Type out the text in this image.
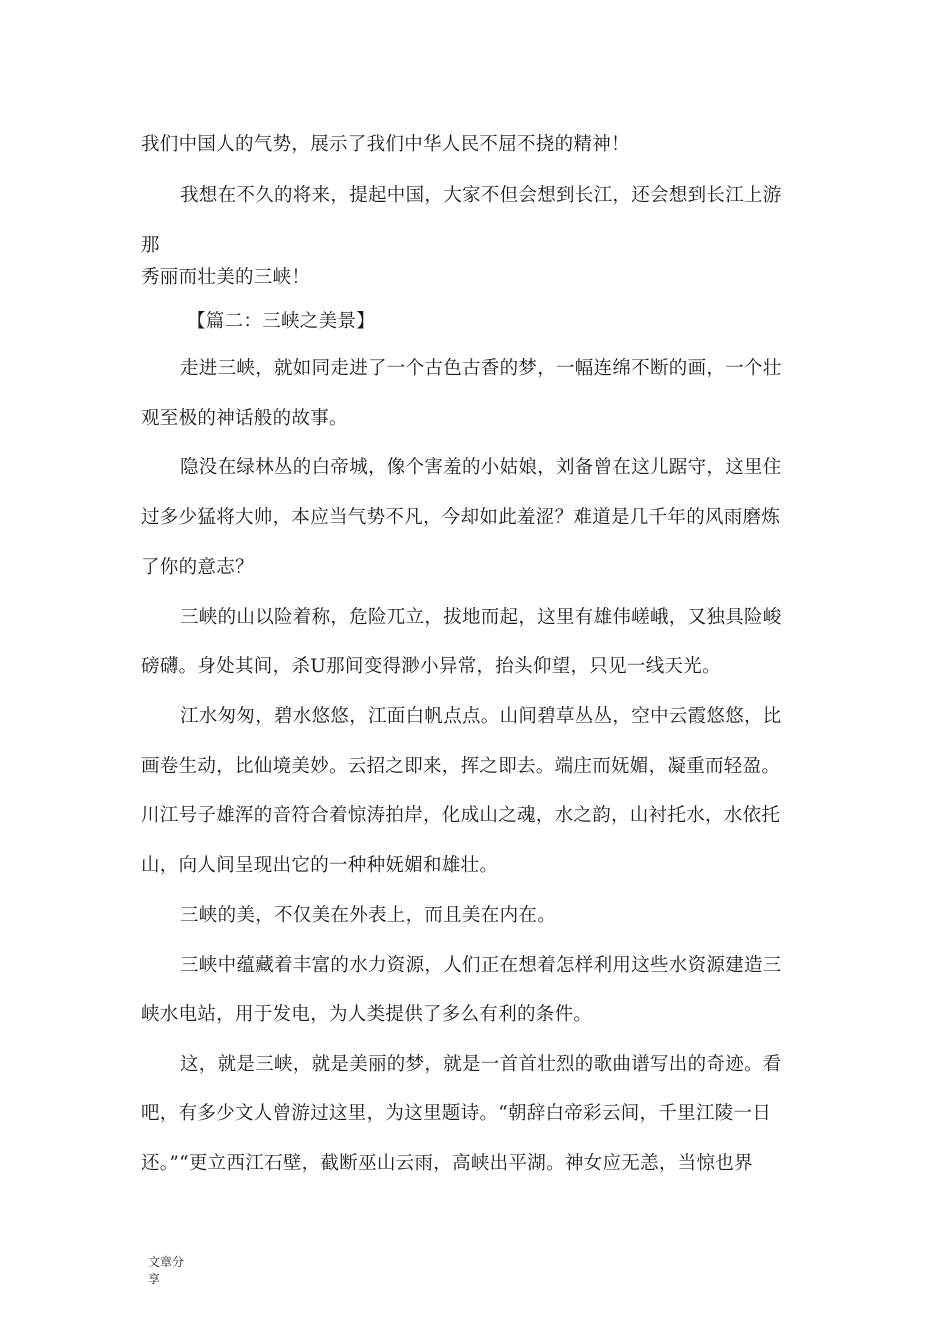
我们中国人的气势，展示了我们中华人民不屈不挠的精神！
我想在不久的将来，提起中国，大家不但会想到长江，还会想到长江上游
那
秀丽而壮美的三峡！
【篇二：三峡之美景】
走进三峡，就如同走进了一个古色古香的梦，一幅连绵不断的画，一个壮
观至极的神话般的故事。
隐没在绿林丛的白帝城，像个害羞的小姑娘，刘备曾在这儿踞守，这里住
过多少猛将大帅，本应当气势不凡，今却如此羞涩？难道是几千年的风雨磨炼
了你的意志？
三峡的山以险着称，危险兀立，拔地而起，这里有雄伟嵯峨，又独具险峻
磅礴。身处其间，杀U那间变得渺小异常，抬头仰望，只见一线天光。
江水匆匆，碧水悠悠，江面白帆点点。山间碧草丛丛，空中云霞悠悠，比
画卷生动，比仙境美妙。云招之即来，挥之即去。端庄而妩媚，凝重而轻盈。
川江号子雄浑的音符合着惊涛拍岸，化成山之魂，水之韵，山衬托水，水依托
山，向人间呈现出它的一种种妩媚和雄壮。
三峡的美，不仅美在外表上，而且美在内在。
三峡中蕴藏着丰富的水力资源，人们正在想着怎样利用这些水资源建造三
峡水电站，用于发电，为人类提供了多么有利的条件。
这，就是三峡，就是美丽的梦，就是一首首壮烈的歌曲谱写出的奇迹。看
吧，有多少文人曾游过这里，为这里题诗。“朝辞白帝彩云间，千里江陵一日
还。”“更立西江石壁，截断巫山云雨，高峡出平湖。神女应无恙，当惊也界
文章分
享
